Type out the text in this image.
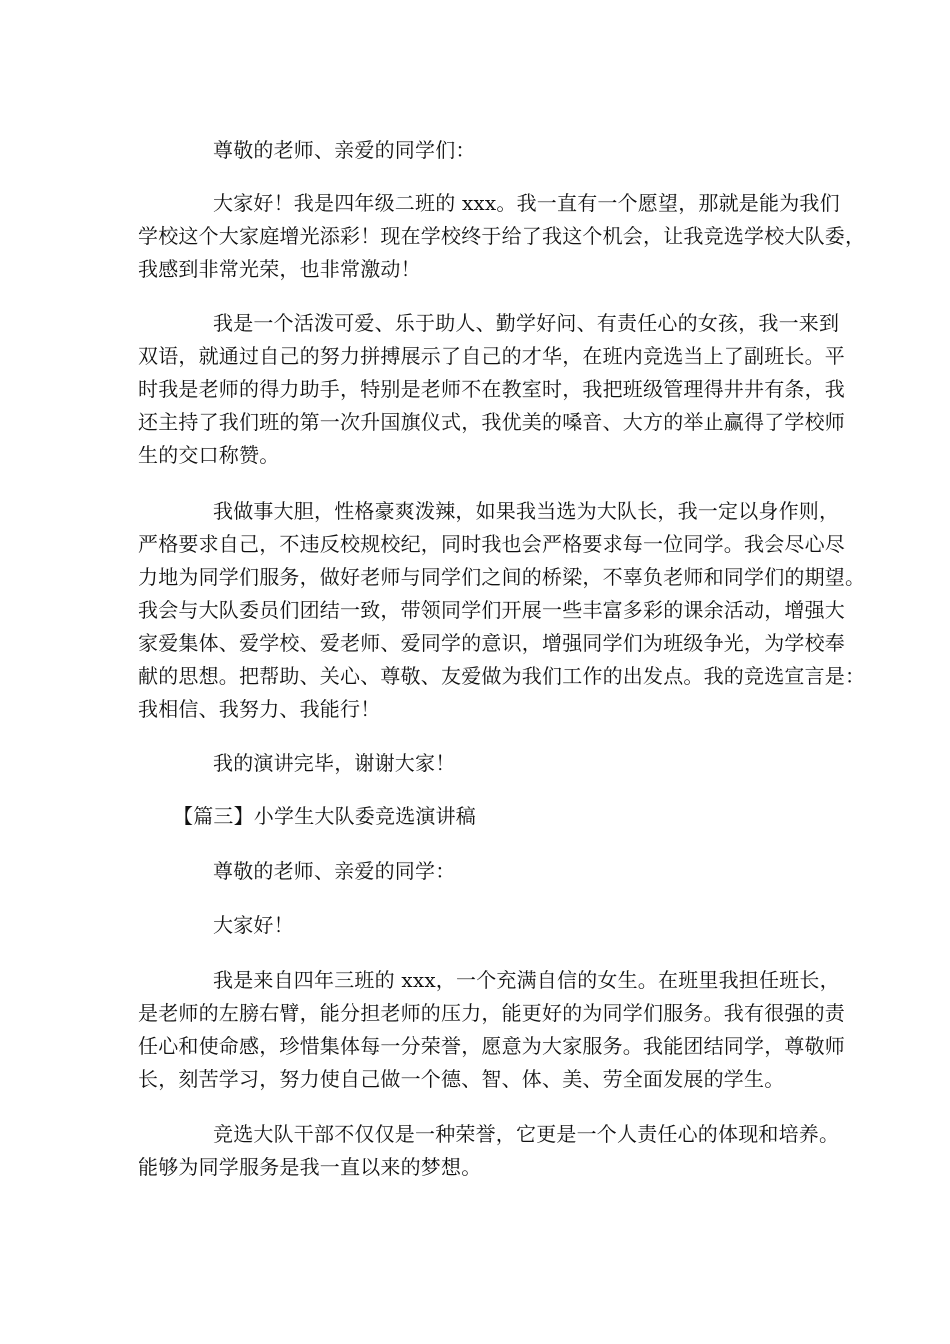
尊敬的老师、亲爱的同学们：
大家好！我是四年级二班的 xxx。我一直有一个愿望，那就是能为我们
学校这个大家庭增光添彩！现在学校终于给了我这个机会，让我竞选学校大队委，
我感到非常光荣，也非常激动！
我是一个活泼可爱、乐于助人、勤学好问、有责任心的女孩，我一来到
双语，就通过自己的努力拼搏展示了自己的才华，在班内竞选当上了副班长。平
时我是老师的得力助手，特别是老师不在教室时，我把班级管理得井井有条，我
还主持了我们班的第一次升国旗仪式，我优美的嗓音、大方的举止赢得了学校师
生的交口称赞。
我做事大胆，性格豪爽泼辣，如果我当选为大队长，我一定以身作则，
严格要求自己，不违反校规校纪，同时我也会严格要求每一位同学。我会尽心尽
力地为同学们服务，做好老师与同学们之间的桥梁，不辜负老师和同学们的期望。
我会与大队委员们团结一致，带领同学们开展一些丰富多彩的课余活动，增强大
家爱集体、爱学校、爱老师、爱同学的意识，增强同学们为班级争光，为学校奉
献的思想。把帮助、关心、尊敬、友爱做为我们工作的出发点。我的竞选宣言是：
我相信、我努力、我能行！
我的演讲完毕，谢谢大家！
【篇三】小学生大队委竞选演讲稿
尊敬的老师、亲爱的同学：
大家好！
我是来自四年三班的 xxx，一个充满自信的女生。在班里我担任班长，
是老师的左膀右臂，能分担老师的压力，能更好的为同学们服务。我有很强的责
任心和使命感，珍惜集体每一分荣誉，愿意为大家服务。我能团结同学，尊敬师
长，刻苦学习，努力使自己做一个德、智、体、美、劳全面发展的学生。
竞选大队干部不仅仅是一种荣誉，它更是一个人责任心的体现和培养。
能够为同学服务是我一直以来的梦想。
